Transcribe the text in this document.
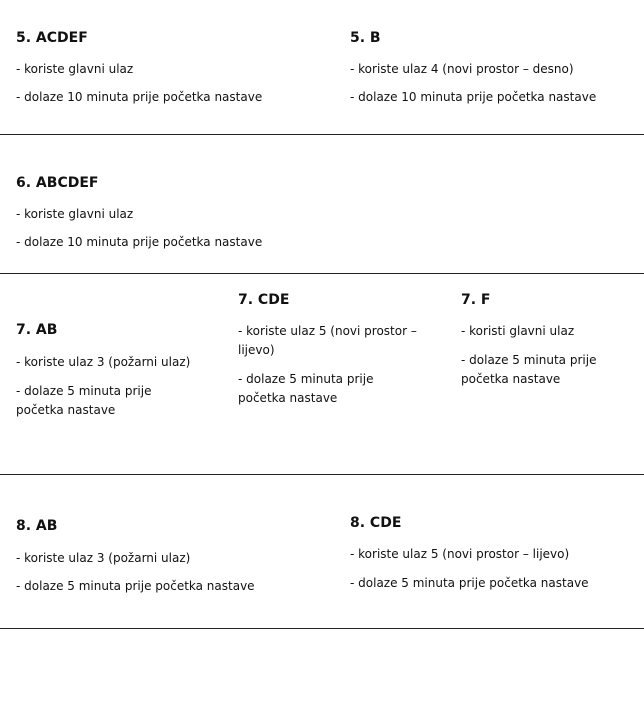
5. ACDEF

- koriste glavni ulaz

- dolaze 10 minuta prije početka nastave

5. B

- koriste ulaz 4 (novi prostor – desno)

- dolaze 10 minuta prije početka nastave

6. ABCDEF

- koriste glavni ulaz

- dolaze 10 minuta prije početka nastave

7. AB

- koriste ulaz 3 (požarni ulaz)

- dolaze 5 minuta prije

početka nastave

7. CDE

- koriste ulaz 5 (novi prostor –

lijevo)

- dolaze 5 minuta prije

početka nastave

7. F

- koristi glavni ulaz

- dolaze 5 minuta prije

početka nastave

8. AB

- koriste ulaz 3 (požarni ulaz)

- dolaze 5 minuta prije početka nastave

8. CDE

- koriste ulaz 5 (novi prostor – lijevo)

- dolaze 5 minuta prije početka nastave
